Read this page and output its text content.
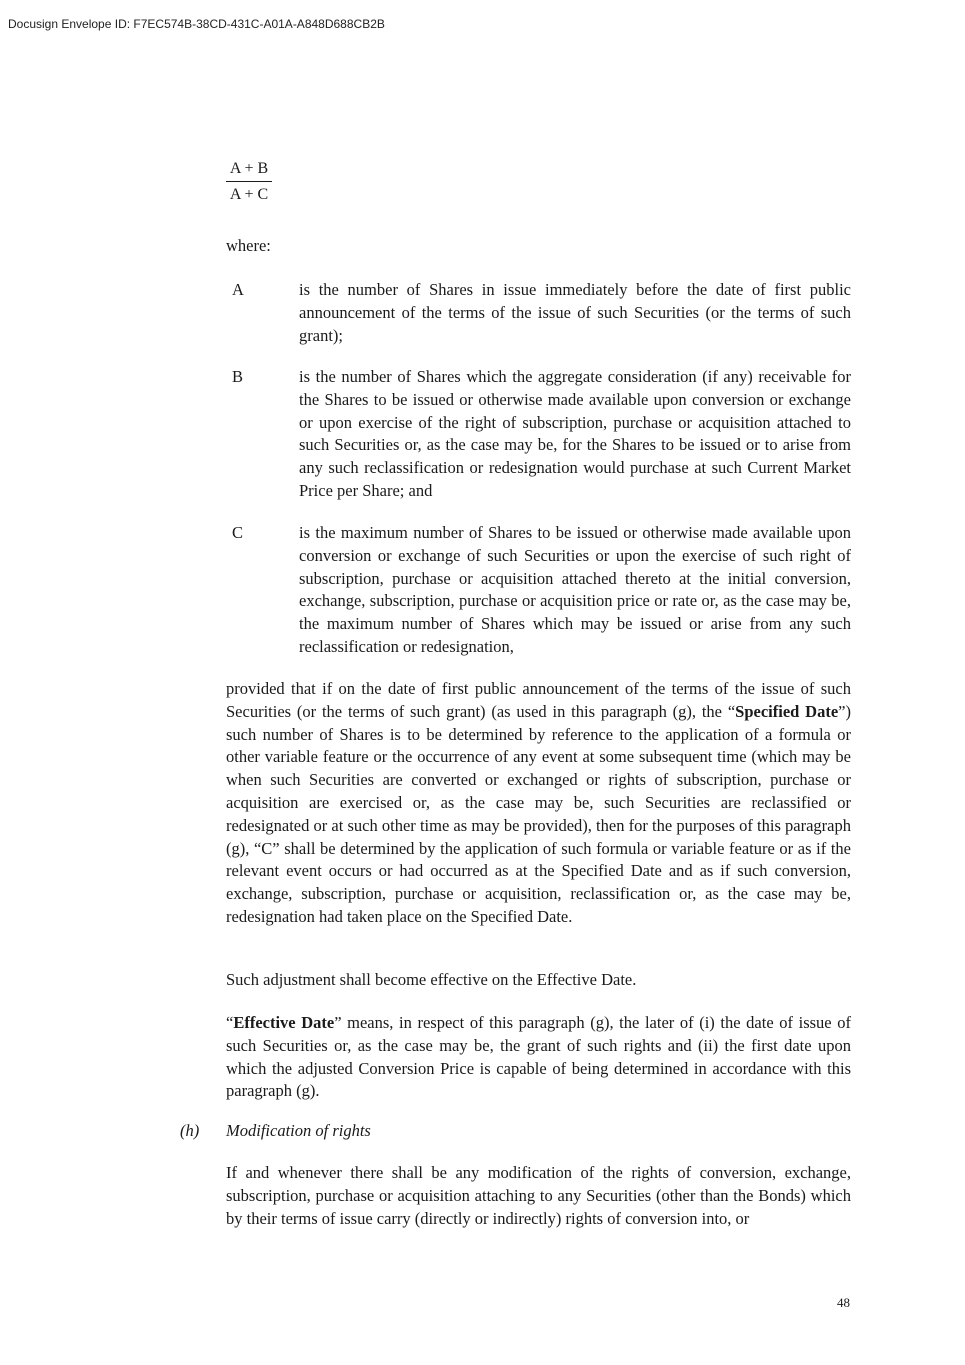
Docusign Envelope ID: F7EC574B-38CD-431C-A01A-A848D688CB2B
$\frac{A + B}{A + C}$
where:
A	is the number of Shares in issue immediately before the date of first public announcement of the terms of the issue of such Securities (or the terms of such grant);
B	is the number of Shares which the aggregate consideration (if any) receivable for the Shares to be issued or otherwise made available upon conversion or exchange or upon exercise of the right of subscription, purchase or acquisition attached to such Securities or, as the case may be, for the Shares to be issued or to arise from any such reclassification or redesignation would purchase at such Current Market Price per Share; and
C	is the maximum number of Shares to be issued or otherwise made available upon conversion or exchange of such Securities or upon the exercise of such right of subscription, purchase or acquisition attached thereto at the initial conversion, exchange, subscription, purchase or acquisition price or rate or, as the case may be, the maximum number of Shares which may be issued or arise from any such reclassification or redesignation,

provided that if on the date of first public announcement of the terms of the issue of such Securities (or the terms of such grant) (as used in this paragraph (g), the “Specified Date”) such number of Shares is to be determined by reference to the application of a formula or other variable feature or the occurrence of any event at some subsequent time (which may be when such Securities are converted or exchanged or rights of subscription, purchase or acquisition are exercised or, as the case may be, such Securities are reclassified or redesignated or at such other time as may be provided), then for the purposes of this paragraph (g), “C” shall be determined by the application of such formula or variable feature or as if the relevant event occurs or had occurred as at the Specified Date and as if such conversion, exchange, subscription, purchase or acquisition, reclassification or, as the case may be, redesignation had taken place on the Specified Date.

Such adjustment shall become effective on the Effective Date.

“Effective Date” means, in respect of this paragraph (g), the later of (i) the date of issue of such Securities or, as the case may be, the grant of such rights and (ii) the first date upon which the adjusted Conversion Price is capable of being determined in accordance with this paragraph (g).

(h) Modification of rights

If and whenever there shall be any modification of the rights of conversion, exchange, subscription, purchase or acquisition attaching to any Securities (other than the Bonds) which by their terms of issue carry (directly or indirectly) rights of conversion into, or

48
